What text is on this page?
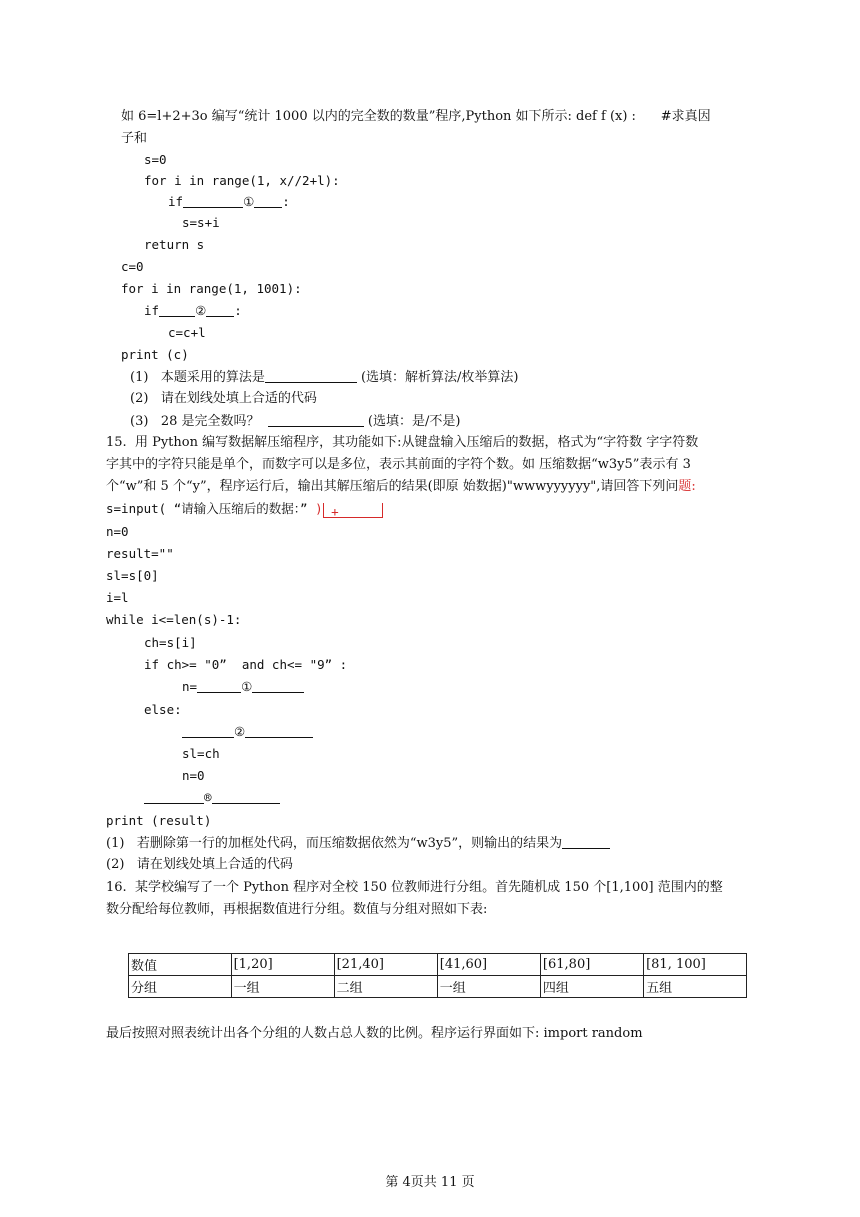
如 6=l+2+3o 编写“统计 1000 以内的完全数的数量”程序,Python 如下所示: def f (x) :      #求真因
子和
s=0
for i in range(1, x//2+l):
if	① :
s=s+i
return s
c=0
for i in range(1, 1001):
if	② :
c=c+l
print (c)
(1) 本题采用的算法是	(选填：解析算法/枚举算法)
(2) 请在划线处填上合适的代码
(3) 28 是完全数吗？	(选填：是/不是)
15.  用 Python 编写数据解压缩程序，其功能如下:从键盘输入压缩后的数据，格式为“字符数 字字符数
字其中的字符只能是单个，而数字可以是多位，表示其前面的字符个数。如 压缩数据“w3y5”表示有 3
个“w”和 5 个“y”，程序运行后，输出其解压缩后的结果(即原 始数据)"wwwyyyyyy",请回答下列问题:
s=input( “请输入压缩后的数据：” ) +
n=0
result=""
sl=s[0]
i=l
while i<=len(s)-1:
ch=s[i]
if ch>= "0”  and ch<= "9” :
n=	①
else:
②
sl=ch
n=0
®
print (result)
(1) 若删除第一行的加框处代码，而压缩数据依然为“w3y5”，则输出的结果为
(2) 请在划线处填上合适的代码
16.  某学校编写了一个 Python 程序对全校 150 位教师进行分组。首先随机成 150 个[1,100] 范围内的整
数分配给每位教师，再根据数值进行分组。数值与分组对照如下表:
数值	[1,20]	[21,40]	[41,60]	[61,80]	[81, 100]
分组	一组	二组	一组	四组	五组
最后按照对照表统计出各个分组的人数占总人数的比例。程序运行界面如下: import random
第 4页共 11 页
